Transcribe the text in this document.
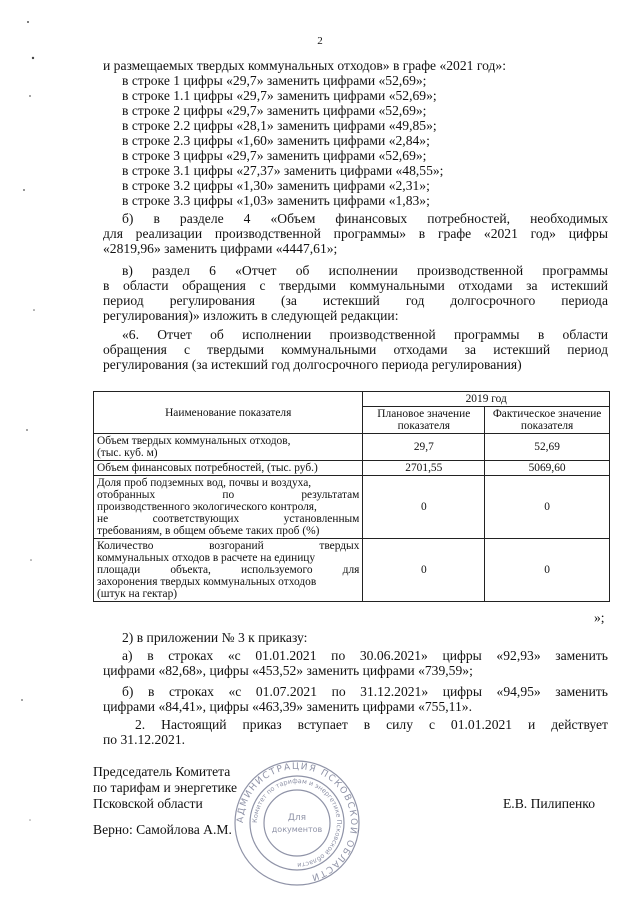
2
и размещаемых твердых коммунальных отходов» в графе «2021 год»:
в строке 1 цифры «29,7» заменить цифрами «52,69»;
в строке 1.1 цифры «29,7» заменить цифрами «52,69»;
в строке 2 цифры «29,7» заменить цифрами «52,69»;
в строке 2.2 цифры «28,1» заменить цифрами «49,85»;
в строке 2.3 цифры «1,60» заменить цифрами «2,84»;
в строке 3 цифры «29,7» заменить цифрами «52,69»;
в строке 3.1 цифры «27,37» заменить цифрами «48,55»;
в строке 3.2 цифры «1,30» заменить цифрами «2,31»;
в строке 3.3 цифры «1,03» заменить цифрами «1,83»;
б) в разделе 4 «Объем финансовых потребностей, необходимых
для реализации производственной программы» в графе «2021 год» цифры
«2819,96» заменить цифрами «4447,61»;
в) раздел 6 «Отчет об исполнении производственной программы
в области обращения с твердыми коммунальными отходами за истекший
период регулирования (за истекший год долгосрочного периода
регулирования)» изложить в следующей редакции:
«6. Отчет об исполнении производственной программы в области
обращения с твердыми коммунальными отходами за истекший период
регулирования (за истекший год долгосрочного периода регулирования)
Наименование показателя	2019 год	
	Плановое значение показателя	Фактическое значение показателя

Объем твердых коммунальных отходов,
(тыс. куб. м)	29,7	52,69

Объем финансовых потребностей, (тыс. руб.)	2701,55	5069,60

Доля проб подземных вод, почвы и воздуха,
отобранных по результатам
производственного экологического контроля,
не соответствующих установленным
требованиям, в общем объеме таких проб (%)	0	0

Количество возгораний твердых
коммунальных отходов в расчете на единицу
площади объекта, используемого для
захоронения твердых коммунальных отходов
(штук на гектар)	0	0
»;
2) в приложении № 3 к приказу:
а) в строках «с 01.01.2021 по 30.06.2021» цифры «92,93» заменить
цифрами «82,68», цифры «453,52» заменить цифрами «739,59»;
б) в строках «с 01.07.2021 по 31.12.2021» цифры «94,95» заменить
цифрами «84,41», цифры «463,39» заменить цифрами «755,11».
2. Настоящий приказ вступает в силу с 01.01.2021 и действует
по 31.12.2021.
Председатель Комитета
по тарифам и энергетике
Псковской области	Е.В. Пилипенко
Верно: Самойлова А.М.
АДМИНИСТРАЦИЯ ПСКОВСКОЙ ОБЛАСТИ
Комитет по тарифам и энергетике Псковской области
Для
документов
